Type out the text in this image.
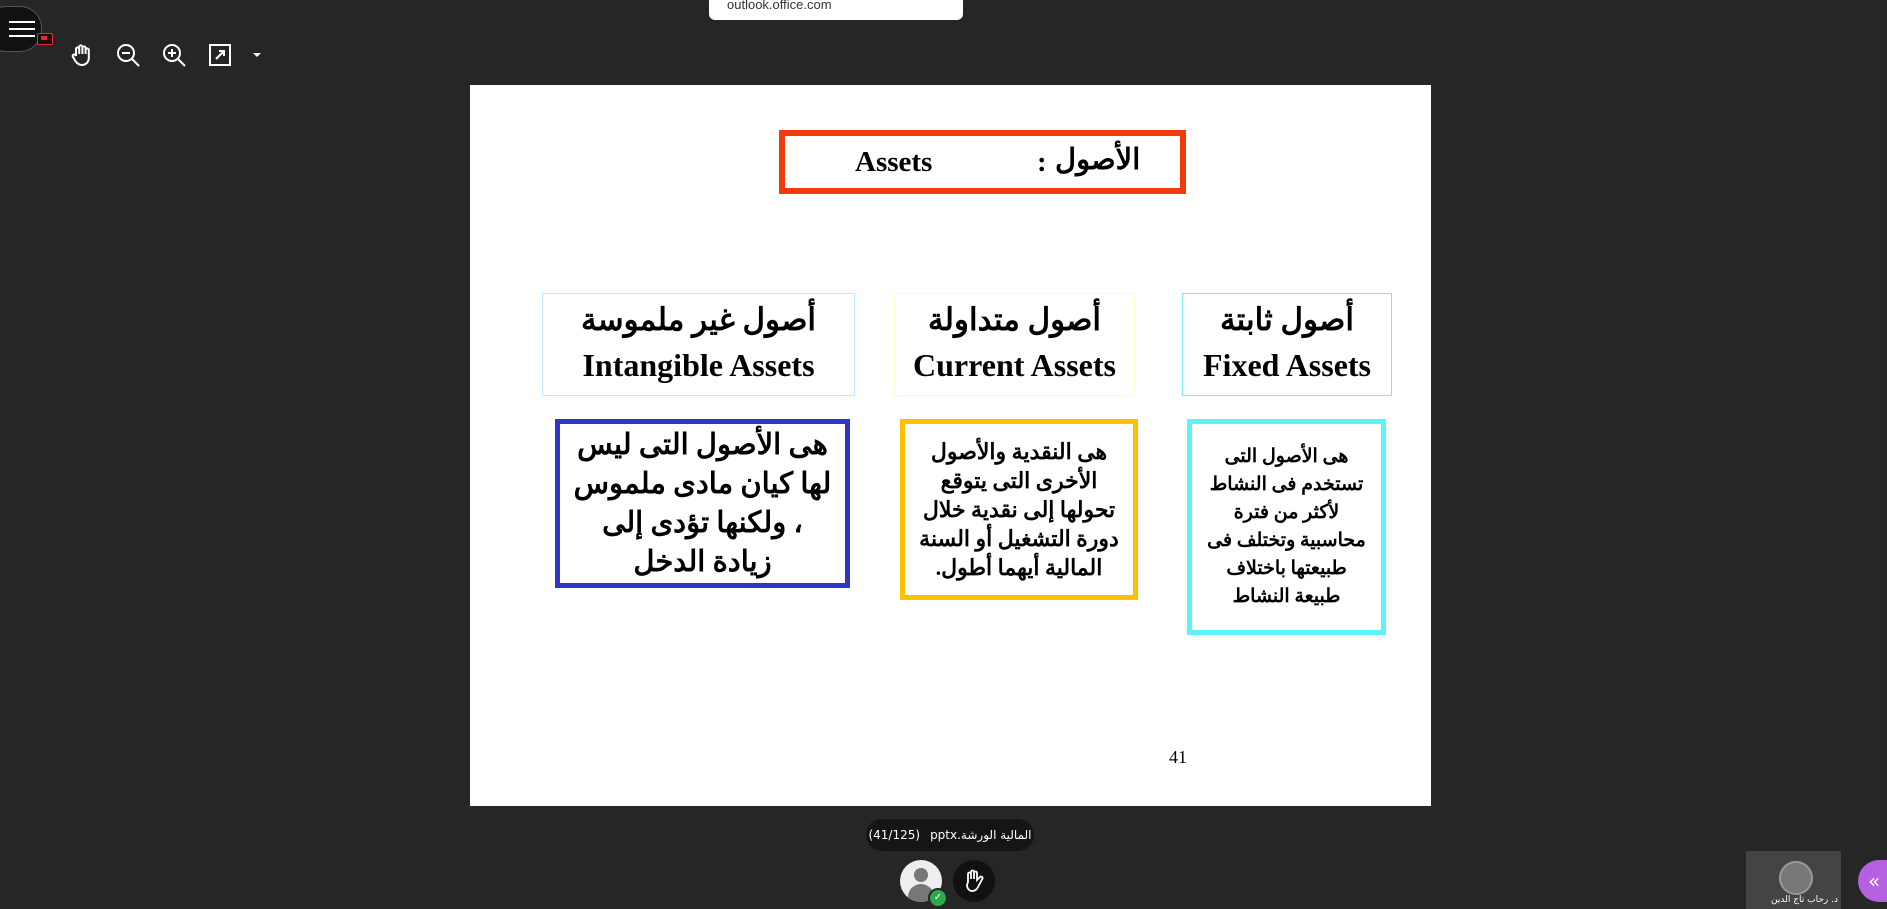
outlook.office.com
Assets	: الأصول
أصول غير ملموسة
Intangible Assets
هى الأصول التى ليس لها كيان مادى ملموس ، ولكنها تؤدى إلى زيادة الدخل
أصول متداولة
Current Assets
هى النقدية والأصول الأخرى التى يتوقع تحولها إلى نقدية خلال دورة التشغيل أو السنة المالية أيهما أطول.
أصول ثابتة
Fixed Assets
هى الأصول التى تستخدم فى النشاط لأكثر من فترة محاسبية وتختلف فى طبيعتها باختلاف طبيعة النشاط
41
(41/125) المالية الورشة.pptx
✓	د. رحاب تاج الدين
«
